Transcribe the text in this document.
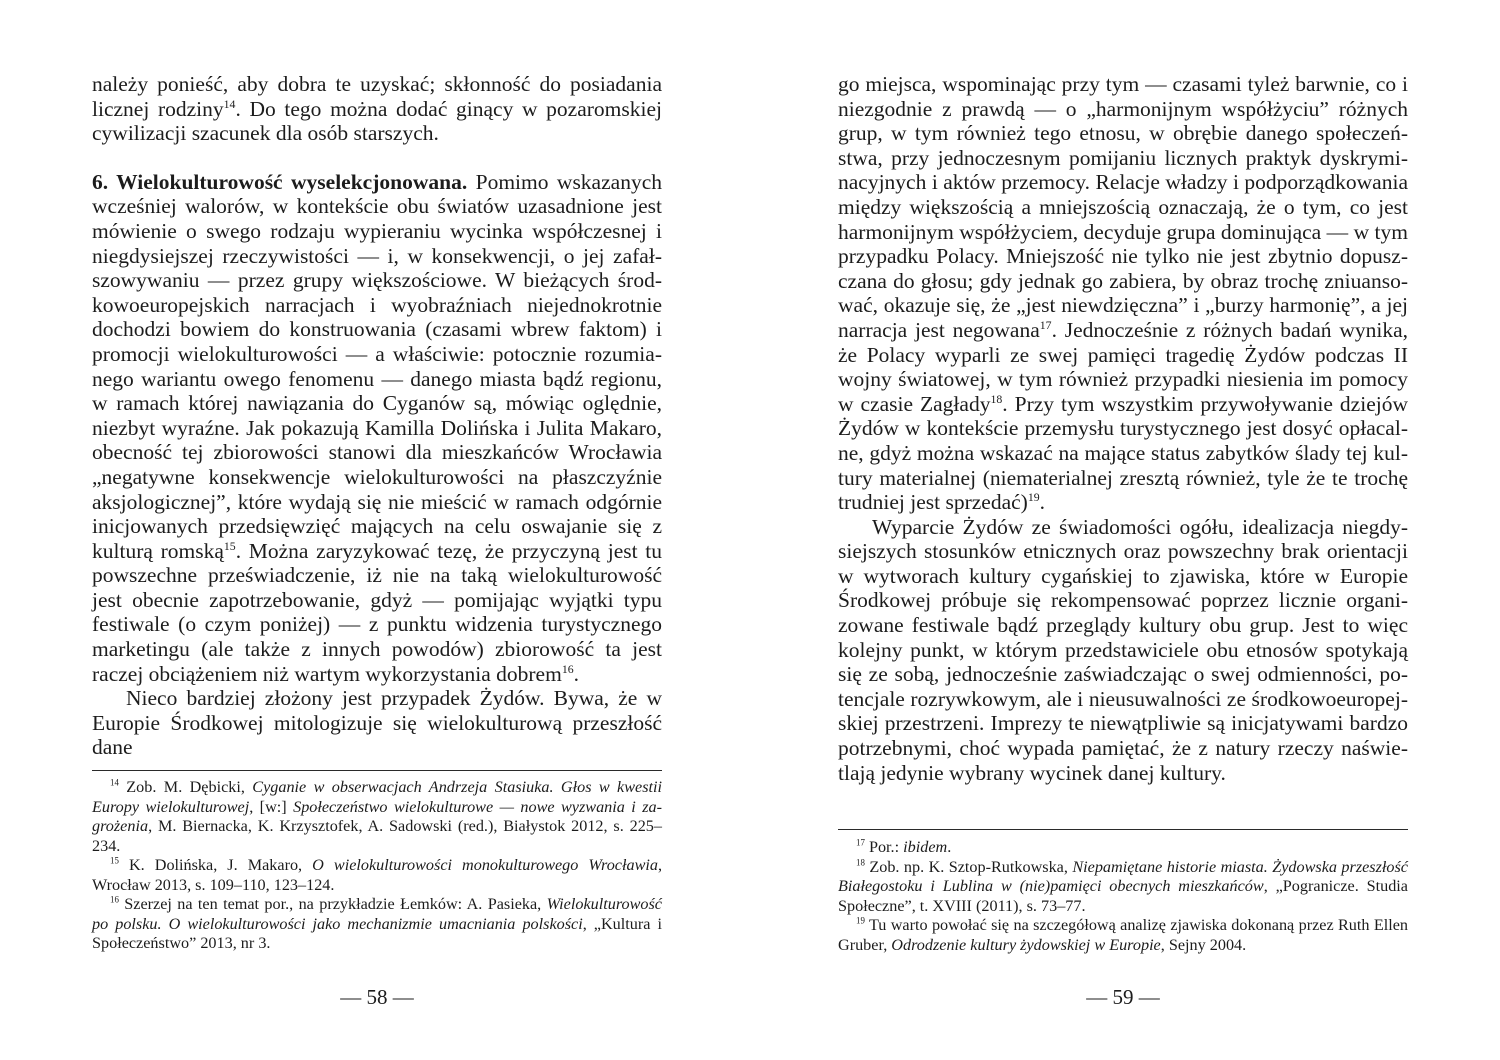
należy ponieść, aby dobra te uzyskać; skłonność do posiadania licznej rodziny$^{14}$. Do tego można dodać ginący w pozaromskiej cywilizacji szacunek dla osób starszych.

6. Wielokulturowość wyselekcjonowana. Pomimo wskazanych wcześniej walorów, w kontekście obu światów uzasadnione jest mówienie o swego rodzaju wypieraniu wycinka współczesnej i niegdysiejszej rzeczywistości — i, w konsekwencji, o jej zafałszowywaniu — przez grupy większościowe. W bieżących środkowoeuropejskich narracjach i wyobraźniach niejednokrotnie dochodzi bowiem do konstruowania (czasami wbrew faktom) i promocji wielokulturowości — a właściwie: potocznie rozumianego wariantu owego fenomenu — danego miasta bądź regionu, w ramach której nawiązania do Cyganów są, mówiąc oględnie, niezbyt wyraźne. Jak pokazują Kamilla Dolińska i Julita Makaro, obecność tej zbiorowości stanowi dla mieszkańców Wrocławia „negatywne konsekwencje wielokulturowości na płaszczyźnie aksjologicznej”, które wydają się nie mieścić w ramach odgórnie inicjowanych przedsięwzięć mających na celu oswajanie się z kulturą romską$^{15}$. Można zaryzykować tezę, że przyczyną jest tu powszechne przeświadczenie, iż nie na taką wielokulturowość jest obecnie zapotrzebowanie, gdyż — pomijając wyjątki typu festiwale (o czym poniżej) — z punktu widzenia turystycznego marketingu (ale także z innych powodów) zbiorowość ta jest raczej obciążeniem niż wartym wykorzystania dobrem$^{16}$.

Nieco bardziej złożony jest przypadek Żydów. Bywa, że w Europie Środkowej mitologizuje się wielokulturową przeszłość dane

$^{14}$ Zob. M. Dębicki, Cyganie w obserwacjach Andrzeja Stasiuka. Głos w kwestii Europy wielokulturowej, [w:] Społeczeństwo wielokulturowe — nowe wyzwania i zagrożenia, M. Biernacka, K. Krzysztofek, A. Sadowski (red.), Białystok 2012, s. 225–234.

$^{15}$ K. Dolińska, J. Makaro, O wielokulturowości monokulturowego Wrocławia, Wrocław 2013, s. 109–110, 123–124.

$^{16}$ Szerzej na ten temat por., na przykładzie Łemków: A. Pasieka, Wielokulturowość po polsku. O wielokulturowości jako mechanizmie umacniania polskości, „Kultura i Społeczeństwo” 2013, nr 3.

— 58 —

go miejsca, wspominając przy tym — czasami tyleż barwnie, co i niezgodnie z prawdą — o „harmonijnym współżyciu” różnych grup, w tym również tego etnosu, w obrębie danego społeczeństwa, przy jednoczesnym pomijaniu licznych praktyk dyskryminacyjnych i aktów przemocy. Relacje władzy i podporządkowania między większością a mniejszością oznaczają, że o tym, co jest harmonijnym współżyciem, decyduje grupa dominująca — w tym przypadku Polacy. Mniejszość nie tylko nie jest zbytnio dopuszczana do głosu; gdy jednak go zabiera, by obraz trochę zniuansować, okazuje się, że „jest niewdzięczna” i „burzy harmonię”, a jej narracja jest negowana$^{17}$. Jednocześnie z różnych badań wynika, że Polacy wyparli ze swej pamięci tragedię Żydów podczas II wojny światowej, w tym również przypadki niesienia im pomocy w czasie Zagłady$^{18}$. Przy tym wszystkim przywoływanie dziejów Żydów w kontekście przemysłu turystycznego jest dosyć opłacalne, gdyż można wskazać na mające status zabytków ślady tej kultury materialnej (niematerialnej zresztą również, tyle że te trochę trudniej jest sprzedać)$^{19}$.

Wyparcie Żydów ze świadomości ogółu, idealizacja niegdysiejszych stosunków etnicznych oraz powszechny brak orientacji w wytworach kultury cygańskiej to zjawiska, które w Europie Środkowej próbuje się rekompensować poprzez licznie organizowane festiwale bądź przeglądy kultury obu grup. Jest to więc kolejny punkt, w którym przedstawiciele obu etnosów spotykają się ze sobą, jednocześnie zaświadczając o swej odmienności, potencjale rozrywkowym, ale i nieusuwalności ze środkowoeuropejskiej przestrzeni. Imprezy te niewątpliwie są inicjatywami bardzo potrzebnymi, choć wypada pamiętać, że z natury rzeczy naświetlają jedynie wybrany wycinek danej kultury.

$^{17}$ Por.: ibidem.

$^{18}$ Zob. np. K. Sztop-Rutkowska, Niepamiętane historie miasta. Żydowska przeszłość Białegostoku i Lublina w (nie)pamięci obecnych mieszkańców, „Pogranicze. Studia Społeczne”, t. XVIII (2011), s. 73–77.

$^{19}$ Tu warto powołać się na szczegółową analizę zjawiska dokonaną przez Ruth Ellen Gruber, Odrodzenie kultury żydowskiej w Europie, Sejny 2004.

— 59 —
